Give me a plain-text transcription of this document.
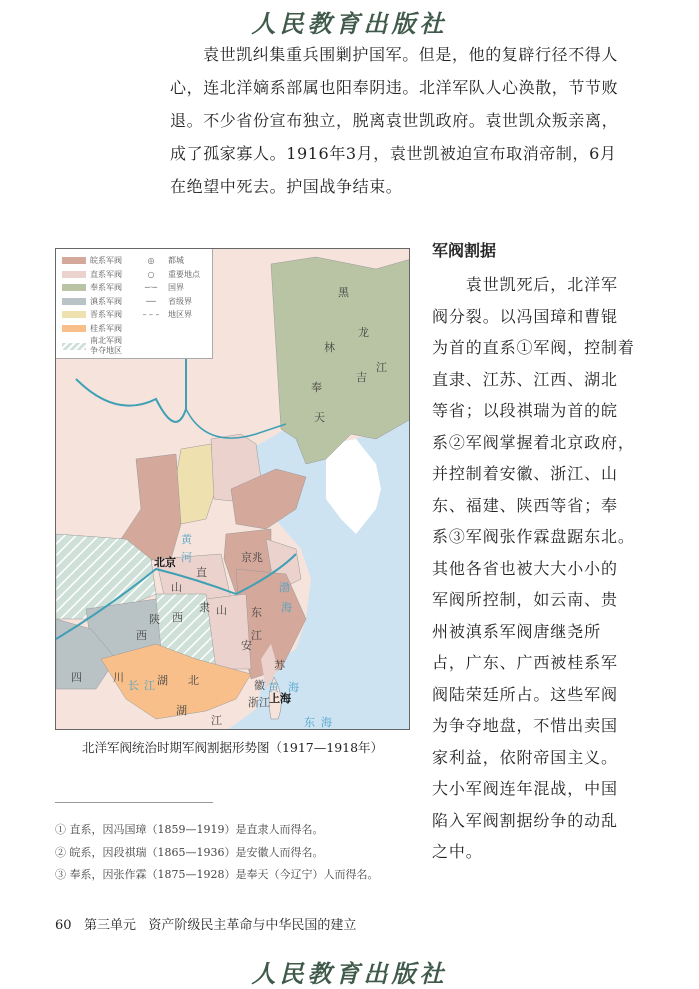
人民教育出版社
袁世凯纠集重兵围剿护国军。但是，他的复辟行径不得人
心，连北洋嫡系部属也阳奉阴违。北洋军队人心涣散，节节败
退。不少省份宣布独立，脱离袁世凯政府。袁世凯众叛亲离，
成了孤家寡人。1916年3月，袁世凯被迫宣布取消帝制，6月
在绝望中死去。护国战争结束。
军阀割据
　　袁世凯死后，北洋军
阀分裂。以冯国璋和曹锟
为首的直系①军阀，控制着
直隶、江苏、江西、湖北
等省；以段祺瑞为首的皖
系②军阀掌握着北京政府，
并控制着安徽、浙江、山
东、福建、陕西等省；奉
系③军阀张作霖盘踞东北。
其他各省也被大大小小的
军阀所控制，如云南、贵
州被滇系军阀唐继尧所
占，广东、广西被桂系军
阀陆荣廷所占。这些军阀
为争夺地盘，不惜出卖国
家利益，依附帝国主义。
大小军阀连年混战，中国
陷入军阀割据纷争的动乱
之中。
皖系军阀
直系军阀
奉系军阀
滇系军阀
晋系军阀
桂系军阀
南北军阀争夺地区
◎	都城
○	重要地点
─·─	国界
──	省级界
– – –	地区界
黑
龙
江
吉
林
奉
天
北京	京兆
山
西
直
隶 山 东
陕
西	江
苏
安
徽
上海
四	川	湖 北
湖
江
浙江
渤
海
黄 海
东 海
黄
河
长 江
北洋军阀统治时期军阀割据形势图（1917—1918年）
① 直系，因冯国璋（1859—1919）是直隶人而得名。
② 皖系，因段祺瑞（1865—1936）是安徽人而得名。
③ 奉系，因张作霖（1875—1928）是奉天（今辽宁）人而得名。
60 第三单元 资产阶级民主革命与中华民国的建立
人民教育出版社
